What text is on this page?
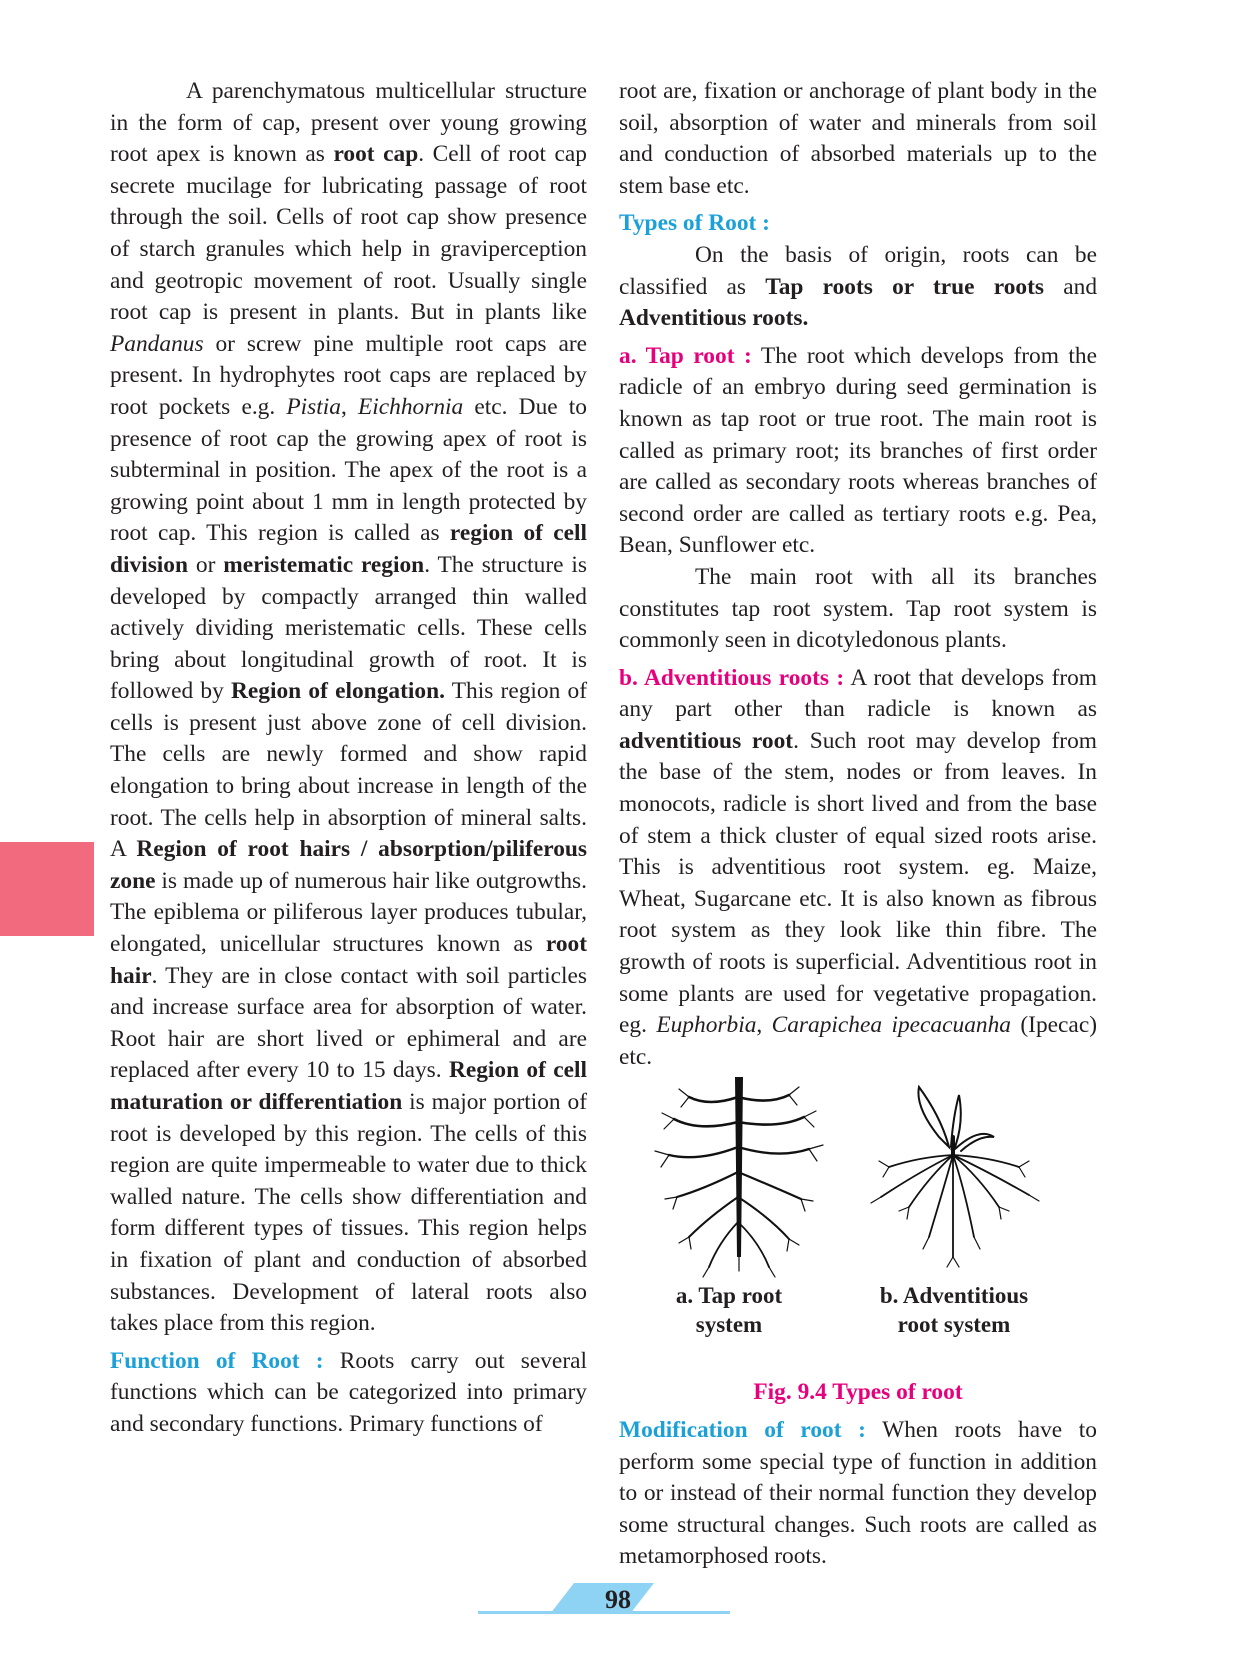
A parenchymatous multicellular structure in the form of cap, present over young growing root apex is known as root cap. Cell of root cap secrete mucilage for lubricating passage of root through the soil. Cells of root cap show presence of starch granules which help in graviperception and geotropic movement of root. Usually single root cap is present in plants. But in plants like Pandanus or screw pine multiple root caps are present. In hydrophytes root caps are replaced by root pockets e.g. Pistia, Eichhornia etc. Due to presence of root cap the growing apex of root is subterminal in position. The apex of the root is a growing point about 1 mm in length protected by root cap. This region is called as region of cell division or meristematic region. The structure is developed by compactly arranged thin walled actively dividing meristematic cells. These cells bring about longitudinal growth of root. It is followed by Region of elongation. This region of cells is present just above zone of cell division. The cells are newly formed and show rapid elongation to bring about increase in length of the root. The cells help in absorption of mineral salts. A Region of root hairs / absorption/piliferous zone is made up of numerous hair like outgrowths. The epiblema or piliferous layer produces tubular, elongated, unicellular structures known as root hair. They are in close contact with soil particles and increase surface area for absorption of water. Root hair are short lived or ephimeral and are replaced after every 10 to 15 days. Region of cell maturation or differentiation is major portion of root is developed by this region. The cells of this region are quite impermeable to water due to thick walled nature. The cells show differentiation and form different types of tissues. This region helps in fixation of plant and conduction of absorbed substances. Development of lateral roots also takes place from this region.

Function of Root : Roots carry out several functions which can be categorized into primary and secondary functions. Primary functions of

root are, fixation or anchorage of plant body in the soil, absorption of water and minerals from soil and conduction of absorbed materials up to the stem base etc.

Types of Root :

On the basis of origin, roots can be classified as Tap roots or true roots and Adventitious roots.

a. Tap root : The root which develops from the radicle of an embryo during seed germination is known as tap root or true root. The main root is called as primary root; its branches of first order are called as secondary roots whereas branches of second order are called as tertiary roots e.g. Pea, Bean, Sunflower etc.

The main root with all its branches constitutes tap root system. Tap root system is commonly seen in dicotyledonous plants.

b. Adventitious roots : A root that develops from any part other than radicle is known as adventitious root. Such root may develop from the base of the stem, nodes or from leaves. In monocots, radicle is short lived and from the base of stem a thick cluster of equal sized roots arise. This is adventitious root system. eg. Maize, Wheat, Sugarcane etc. It is also known as fibrous root system as they look like thin fibre. The growth of roots is superficial. Adventitious root in some plants are used for vegetative propagation. eg. Euphorbia, Carapichea ipecacuanha (Ipecac) etc.

a. Tap root
system
b. Adventitious
root system

Fig. 9.4 Types of root

Modification of root : When roots have to perform some special type of function in addition to or instead of their normal function they develop some structural changes. Such roots are called as metamorphosed roots.

98
